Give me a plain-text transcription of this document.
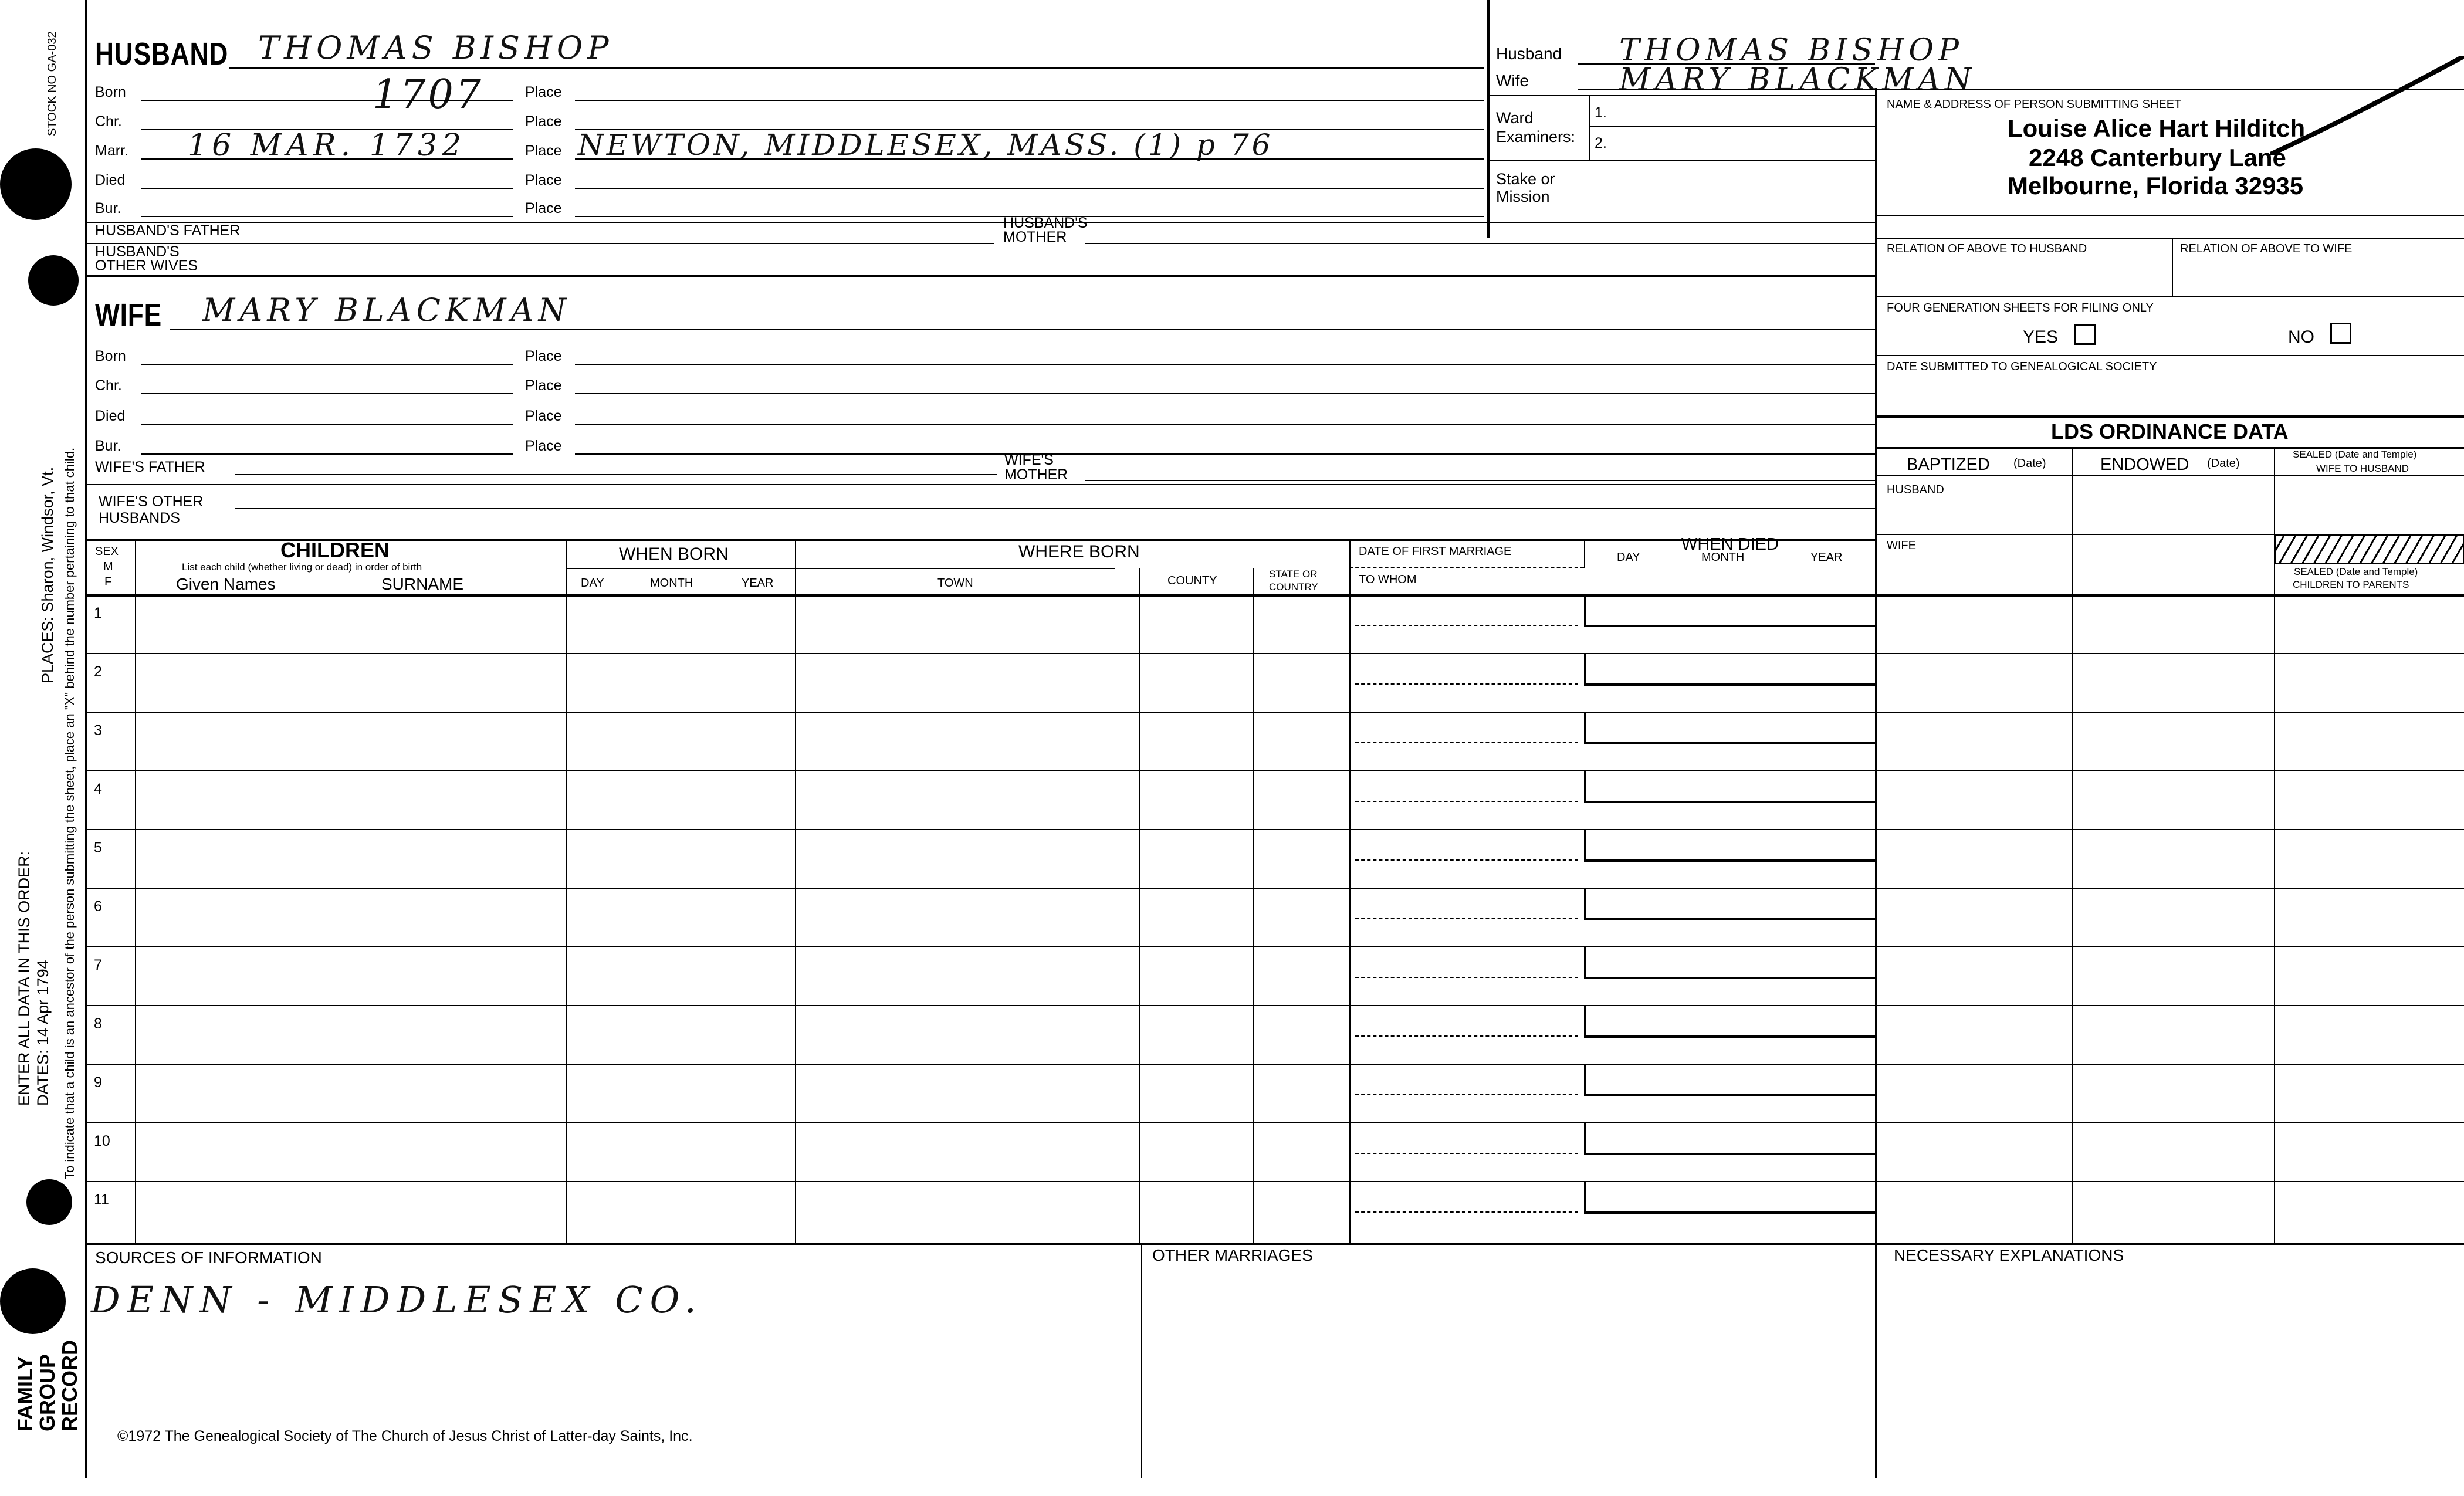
STOCK NO GA-032
PLACES: Sharon, Windsor, Vt.
ENTER ALL DATA IN THIS ORDER: DATES: 14 Apr 1794 To indicate that a child is an ancestor of the person submitting the sheet, place an "X" behind the number pertaining to that child.
FAMILY
GROUP
RECORD
HUSBAND THOMAS BISHOP
Born	1707	Place
Chr.	Place
Marr. 16 MAR. 1732	Place NEWTON, MIDDLESEX, MASS. (1) p 76
Died	Place
Bur.	Place
HUSBAND'S FATHER	HUSBAND'S
MOTHER
HUSBAND'S
OTHER WIVES
Husband THOMAS BISHOP
Wife	MARY BLACKMAN
Ward
Examiners:
1.
2.
Stake or
Mission
NAME & ADDRESS OF PERSON SUBMITTING SHEET
Louise Alice Hart Hilditch
2248 Canterbury Lane
Melbourne, Florida 32935
RELATION OF ABOVE TO HUSBAND	RELATION OF ABOVE TO WIFE
FOUR GENERATION SHEETS FOR FILING ONLY
YES	NO
DATE SUBMITTED TO GENEALOGICAL SOCIETY
LDS ORDINANCE DATA
BAPTIZED (Date)	ENDOWED (Date)
SEALED (Date and Temple)
WIFE TO HUSBAND
HUSBAND
WIFE
SEALED (Date and Temple)
CHILDREN TO PARENTS
WIFE MARY BLACKMAN
Born	Place
Chr.	Place
Died	Place
Bur.	Place
WIFE'S FATHER	WIFE'S
MOTHER
WIFE'S OTHER
HUSBANDS
SEX
M
F
CHILDREN
List each child (whether living or dead) in order of birth
Given Names	SURNAME
WHEN BORN
DAY	MONTH	YEAR
WHERE BORN
TOWN	COUNTY
STATE OR
COUNTRY
DATE OF FIRST MARRIAGE
TO WHOM
WHEN DIED
DAY	MONTH	YEAR
1
2
3
4
5
6
7
8
9
10
11
SOURCES OF INFORMATION
DENN - MIDDLESEX CO.
OTHER MARRIAGES	NECESSARY EXPLANATIONS
©1972 The Genealogical Society of The Church of Jesus Christ of Latter-day Saints, Inc.
